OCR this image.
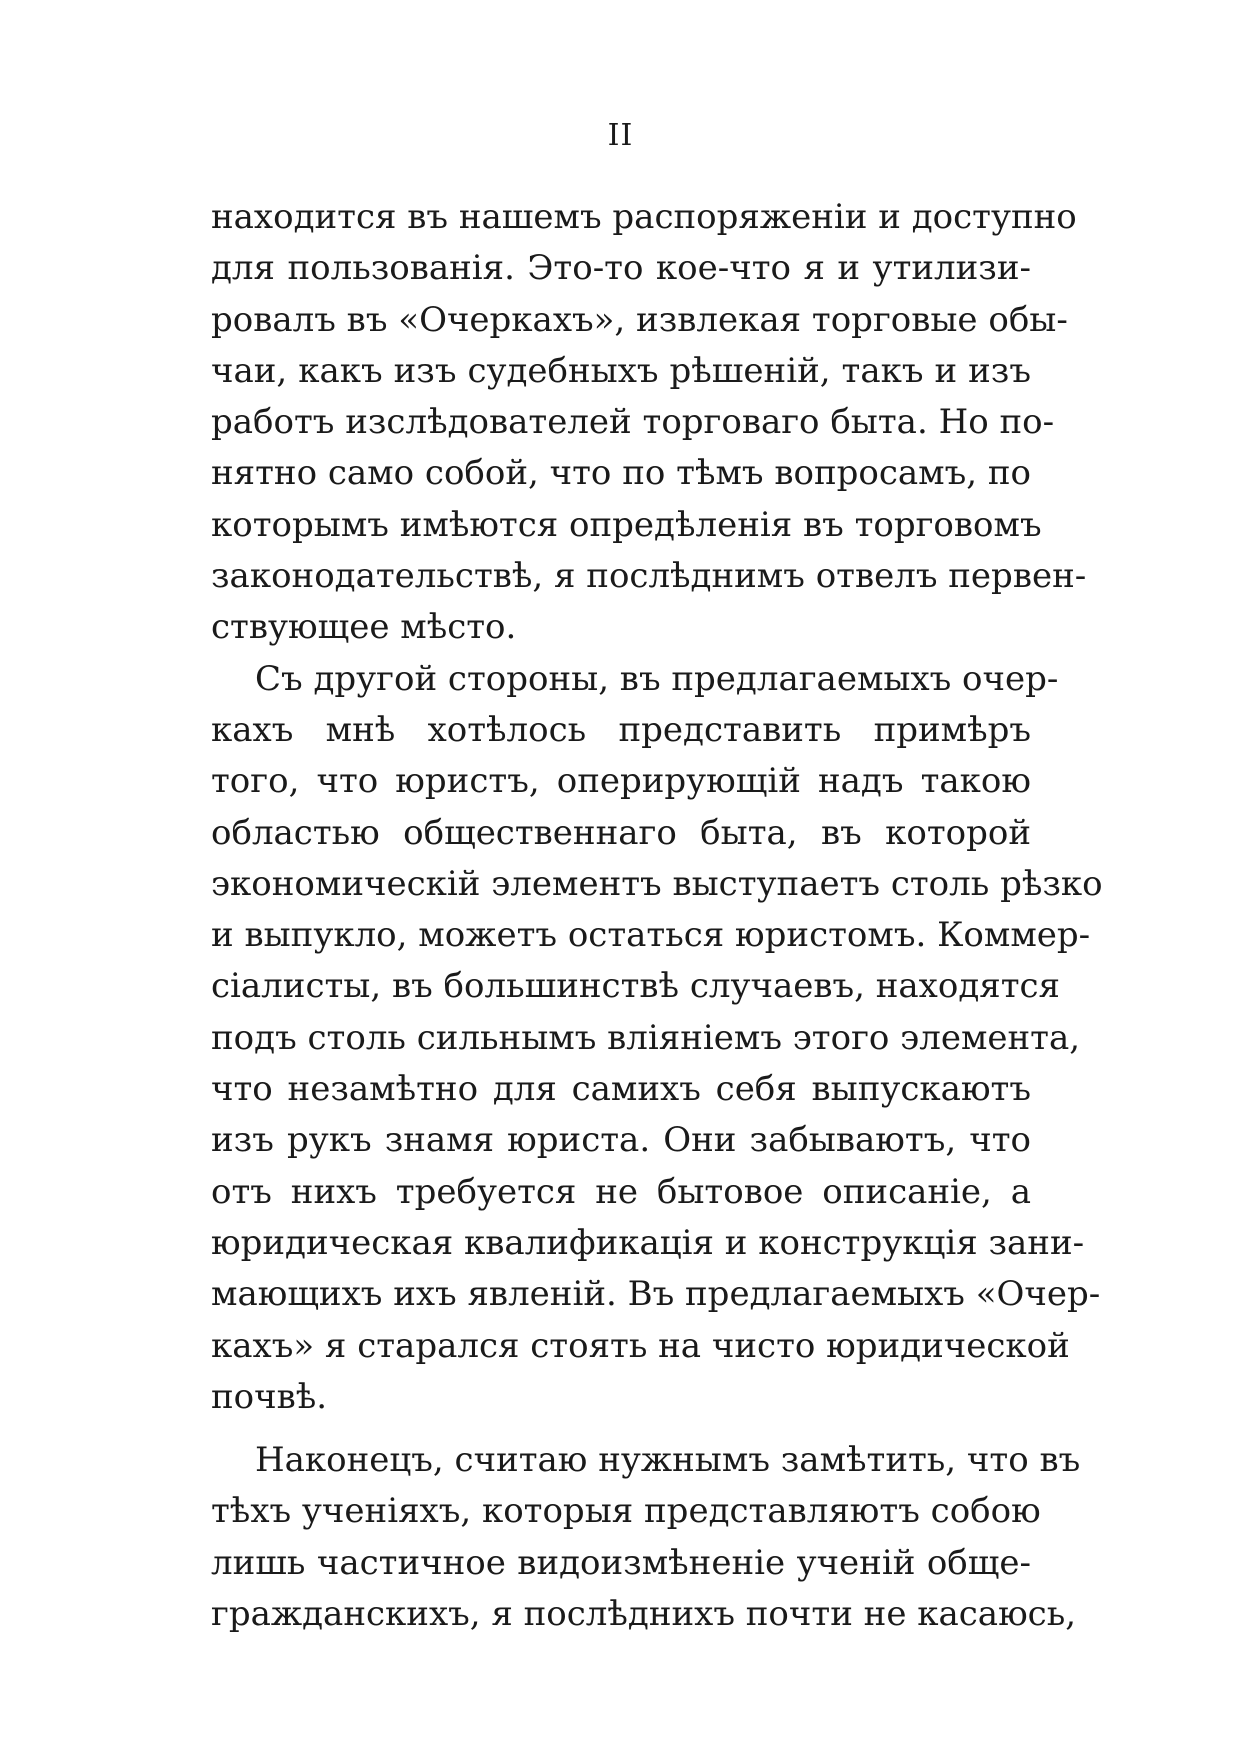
II
находится въ нашемъ распоряженіи и доступно
для пользованія. Это-то кое-что я и утилизи-
ровалъ въ «Очеркахъ», извлекая торговые обы-
чаи, какъ изъ судебныхъ рѣшеній, такъ и изъ
работъ изслѣдователей торговаго быта. Но по-
нятно само собой, что по тѣмъ вопросамъ, по
которымъ имѣются опредѣленія въ торговомъ
законодательствѣ, я послѣднимъ отвелъ первен-
ствующее мѣсто.
Съ другой стороны, въ предлагаемыхъ очер-
кахъ мнѣ хотѣлось представить примѣръ
того, что юристъ, оперирующій надъ такою
областью общественнаго быта, въ которой
экономическій элементъ выступаетъ столь рѣзко
и выпукло, можетъ остаться юристомъ. Коммер-
сіалисты, въ большинствѣ случаевъ, находятся
подъ столь сильнымъ вліяніемъ этого элемента,
что незамѣтно для самихъ себя выпускаютъ
изъ рукъ знамя юриста. Они забываютъ, что
отъ нихъ требуется не бытовое описаніе, а
юридическая квалификація и конструкція зани-
мающихъ ихъ явленій. Въ предлагаемыхъ «Очер-
кахъ» я старался стоять на чисто юридической
почвѣ.
Наконецъ, считаю нужнымъ замѣтить, что въ
тѣхъ ученіяхъ, которыя представляютъ собою
лишь частичное видоизмѣненіе ученій обще-
гражданскихъ, я послѣднихъ почти не касаюсь,
